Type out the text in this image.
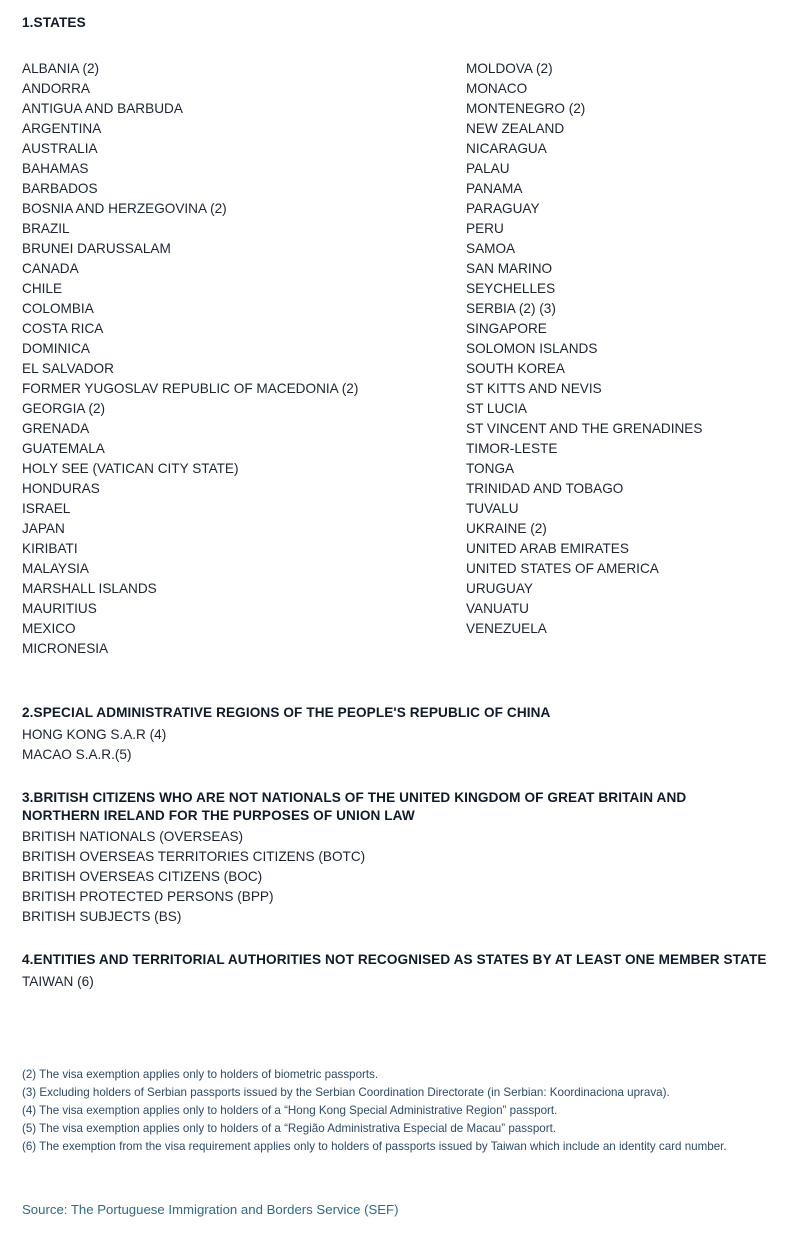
1.STATES
ALBANIA (2)
ANDORRA
ANTIGUA AND BARBUDA
ARGENTINA
AUSTRALIA
BAHAMAS
BARBADOS
BOSNIA AND HERZEGOVINA (2)
BRAZIL
BRUNEI DARUSSALAM
CANADA
CHILE
COLOMBIA
COSTA RICA
DOMINICA
EL SALVADOR
FORMER YUGOSLAV REPUBLIC OF MACEDONIA (2)
GEORGIA (2)
GRENADA
GUATEMALA
HOLY SEE (VATICAN CITY STATE)
HONDURAS
ISRAEL
JAPAN
KIRIBATI
MALAYSIA
MARSHALL ISLANDS
MAURITIUS
MEXICO
MICRONESIA
MOLDOVA (2)
MONACO
MONTENEGRO (2)
NEW ZEALAND
NICARAGUA
PALAU
PANAMA
PARAGUAY
PERU
SAMOA
SAN MARINO
SEYCHELLES
SERBIA (2) (3)
SINGAPORE
SOLOMON ISLANDS
SOUTH KOREA
ST KITTS AND NEVIS
ST LUCIA
ST VINCENT AND THE GRENADINES
TIMOR-LESTE
TONGA
TRINIDAD AND TOBAGO
TUVALU
UKRAINE (2)
UNITED ARAB EMIRATES
UNITED STATES OF AMERICA
URUGUAY
VANUATU
VENEZUELA
2.SPECIAL ADMINISTRATIVE REGIONS OF THE PEOPLE'S REPUBLIC OF CHINA
HONG KONG S.A.R (4)
MACAO S.A.R.(5)
3.BRITISH CITIZENS WHO ARE NOT NATIONALS OF THE UNITED KINGDOM OF GREAT BRITAIN AND NORTHERN IRELAND FOR THE PURPOSES OF UNION LAW
BRITISH NATIONALS (OVERSEAS)
BRITISH OVERSEAS TERRITORIES CITIZENS (BOTC)
BRITISH OVERSEAS CITIZENS (BOC)
BRITISH PROTECTED PERSONS (BPP)
BRITISH SUBJECTS (BS)
4.ENTITIES AND TERRITORIAL AUTHORITIES NOT RECOGNISED AS STATES BY AT LEAST ONE MEMBER STATE
TAIWAN (6)
(2) The visa exemption applies only to holders of biometric passports.
(3) Excluding holders of Serbian passports issued by the Serbian Coordination Directorate (in Serbian: Koordinaciona uprava).
(4) The visa exemption applies only to holders of a “Hong Kong Special Administrative Region” passport.
(5) The visa exemption applies only to holders of a “Região Administrativa Especial de Macau” passport.
(6) The exemption from the visa requirement applies only to holders of passports issued by Taiwan which include an identity card number.
Source: The Portuguese Immigration and Borders Service (SEF)
